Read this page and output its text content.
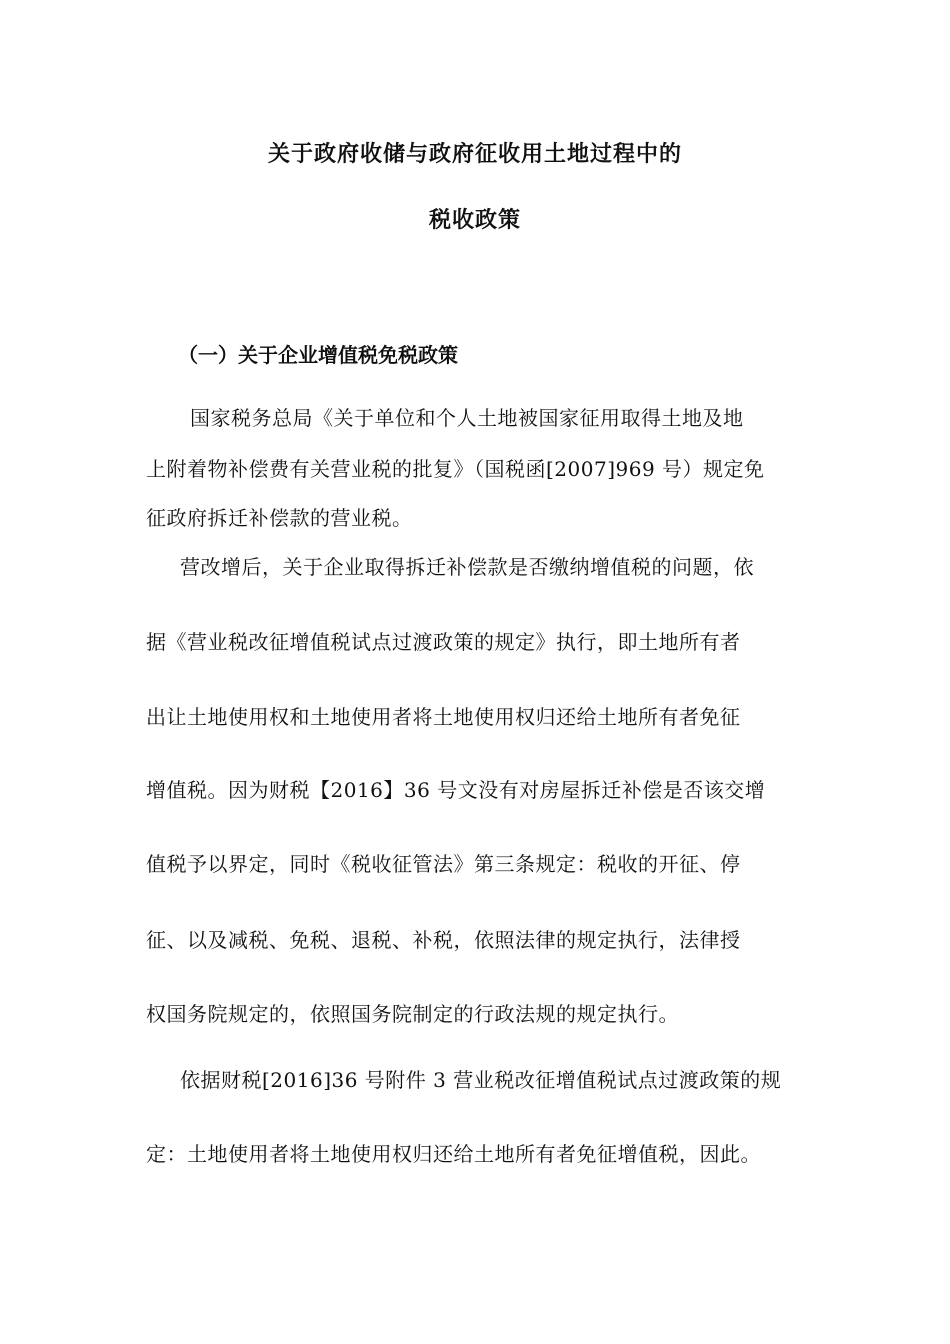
关于政府收储与政府征收用土地过程中的
税收政策
（一）关于企业增值税免税政策
国家税务总局《关于单位和个人土地被国家征用取得土地及地
上附着物补偿费有关营业税的批复》（国税函[2007]969 号）规定免
征政府拆迁补偿款的营业税。
营改增后，关于企业取得拆迁补偿款是否缴纳增值税的问题，依
据《营业税改征增值税试点过渡政策的规定》执行，即土地所有者
出让土地使用权和土地使用者将土地使用权归还给土地所有者免征
增值税。因为财税【2016】36 号文没有对房屋拆迁补偿是否该交增
值税予以界定，同时《税收征管法》第三条规定：税收的开征、停
征、以及减税、免税、退税、补税，依照法律的规定执行，法律授
权国务院规定的，依照国务院制定的行政法规的规定执行。
依据财税[2016]36 号附件 3 营业税改征增值税试点过渡政策的规
定：土地使用者将土地使用权归还给土地所有者免征增值税，因此。
